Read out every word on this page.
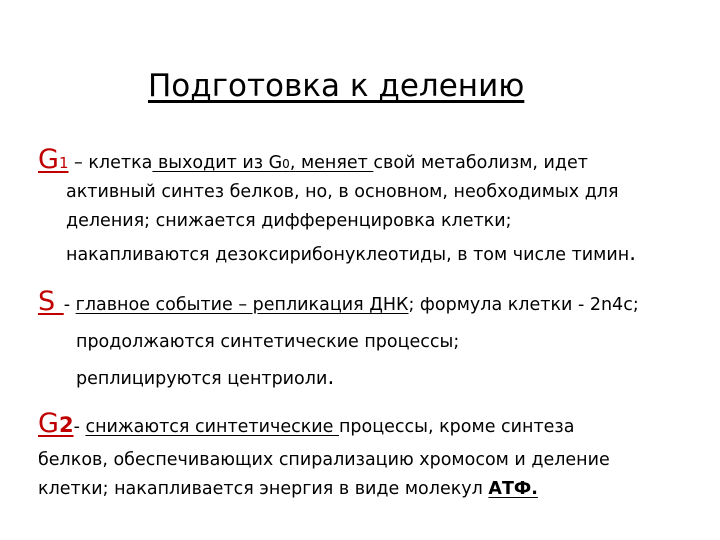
Подготовка к делению
G1 – клетка выходит из G0, меняет свой метаболизм, идет
активный синтез белков, но, в основном, необходимых для
деления; снижается дифференцировка клетки;
накапливаются дезоксирибонуклеотиды, в том числе тимин.
S - главное событие – репликация ДНК; формула клетки - 2n4c;
продолжаются синтетические процессы;
реплицируются центриоли.
G2- снижаются синтетические процессы, кроме синтеза
белков, обеспечивающих спирализацию хромосом и деление
клетки; накапливается энергия в виде молекул АТФ.
